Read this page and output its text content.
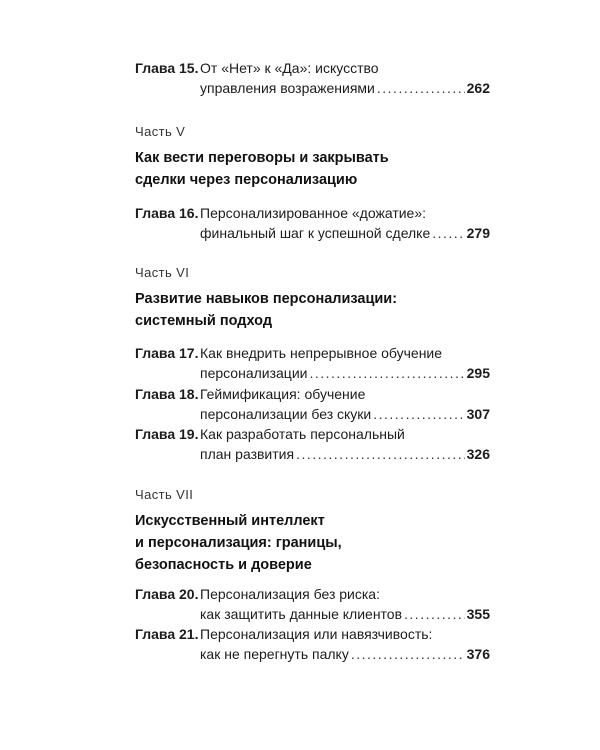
Глава 15. От «Нет» к «Да»: искусство
управления возражениями .....	262
Часть V
Как вести переговоры и закрывать
сделки через персонализацию
Глава 16. Персонализированное «дожатие»:
финальный шаг к успешной сделке .....	279
Часть VI
Развитие навыков персонализации:
системный подход
Глава 17. Как внедрить непрерывное обучение
персонализации .....	295
Глава 18. Геймификация: обучение
персонализации без скуки .....	307
Глава 19. Как разработать персональный
план развития .....	326
Часть VII
Искусственный интеллект
и персонализация: границы,
безопасность и доверие
Глава 20. Персонализация без риска:
как защитить данные клиентов .....	355
Глава 21. Персонализация или навязчивость:
как не перегнуть палку .....	376
